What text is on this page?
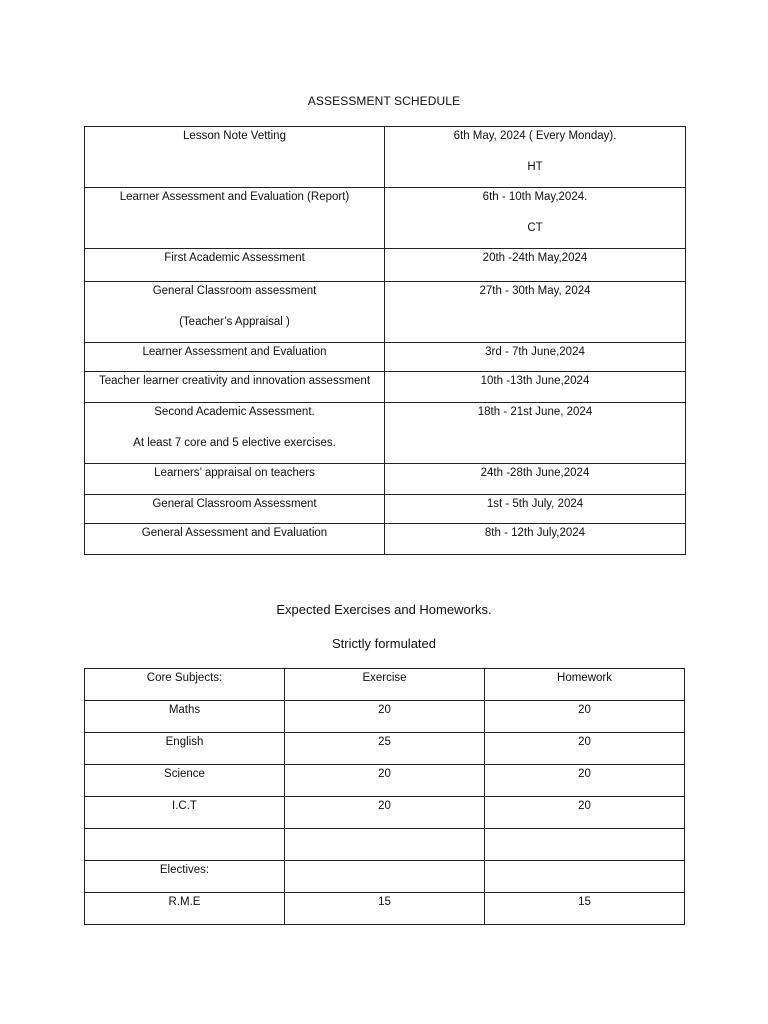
ASSESSMENT SCHEDULE
Lesson Note Vetting	6th May, 2024 ( Every Monday).
HT

Learner Assessment and Evaluation (Report)	6th - 10th May,2024.
CT

First Academic Assessment	20th -24th May,2024

General Classroom assessment
(Teacher’s Appraisal )	27th - 30th May, 2024

Learner Assessment and Evaluation	3rd - 7th June,2024

Teacher learner creativity and innovation assessment	10th -13th June,2024

Second Academic Assessment.
At least 7 core and 5 elective exercises.	18th - 21st June, 2024

Learners’ appraisal on teachers	24th -28th June,2024

General Classroom Assessment	1st - 5th July, 2024

General Assessment and Evaluation	8th - 12th July,2024
Expected Exercises and Homeworks.
Strictly formulated
Core Subjects:	Exercise	Homework
Maths	20	20
English	25	20
Science	20	20
I.C.T	20	20

Electives:		
R.M.E	15	15
